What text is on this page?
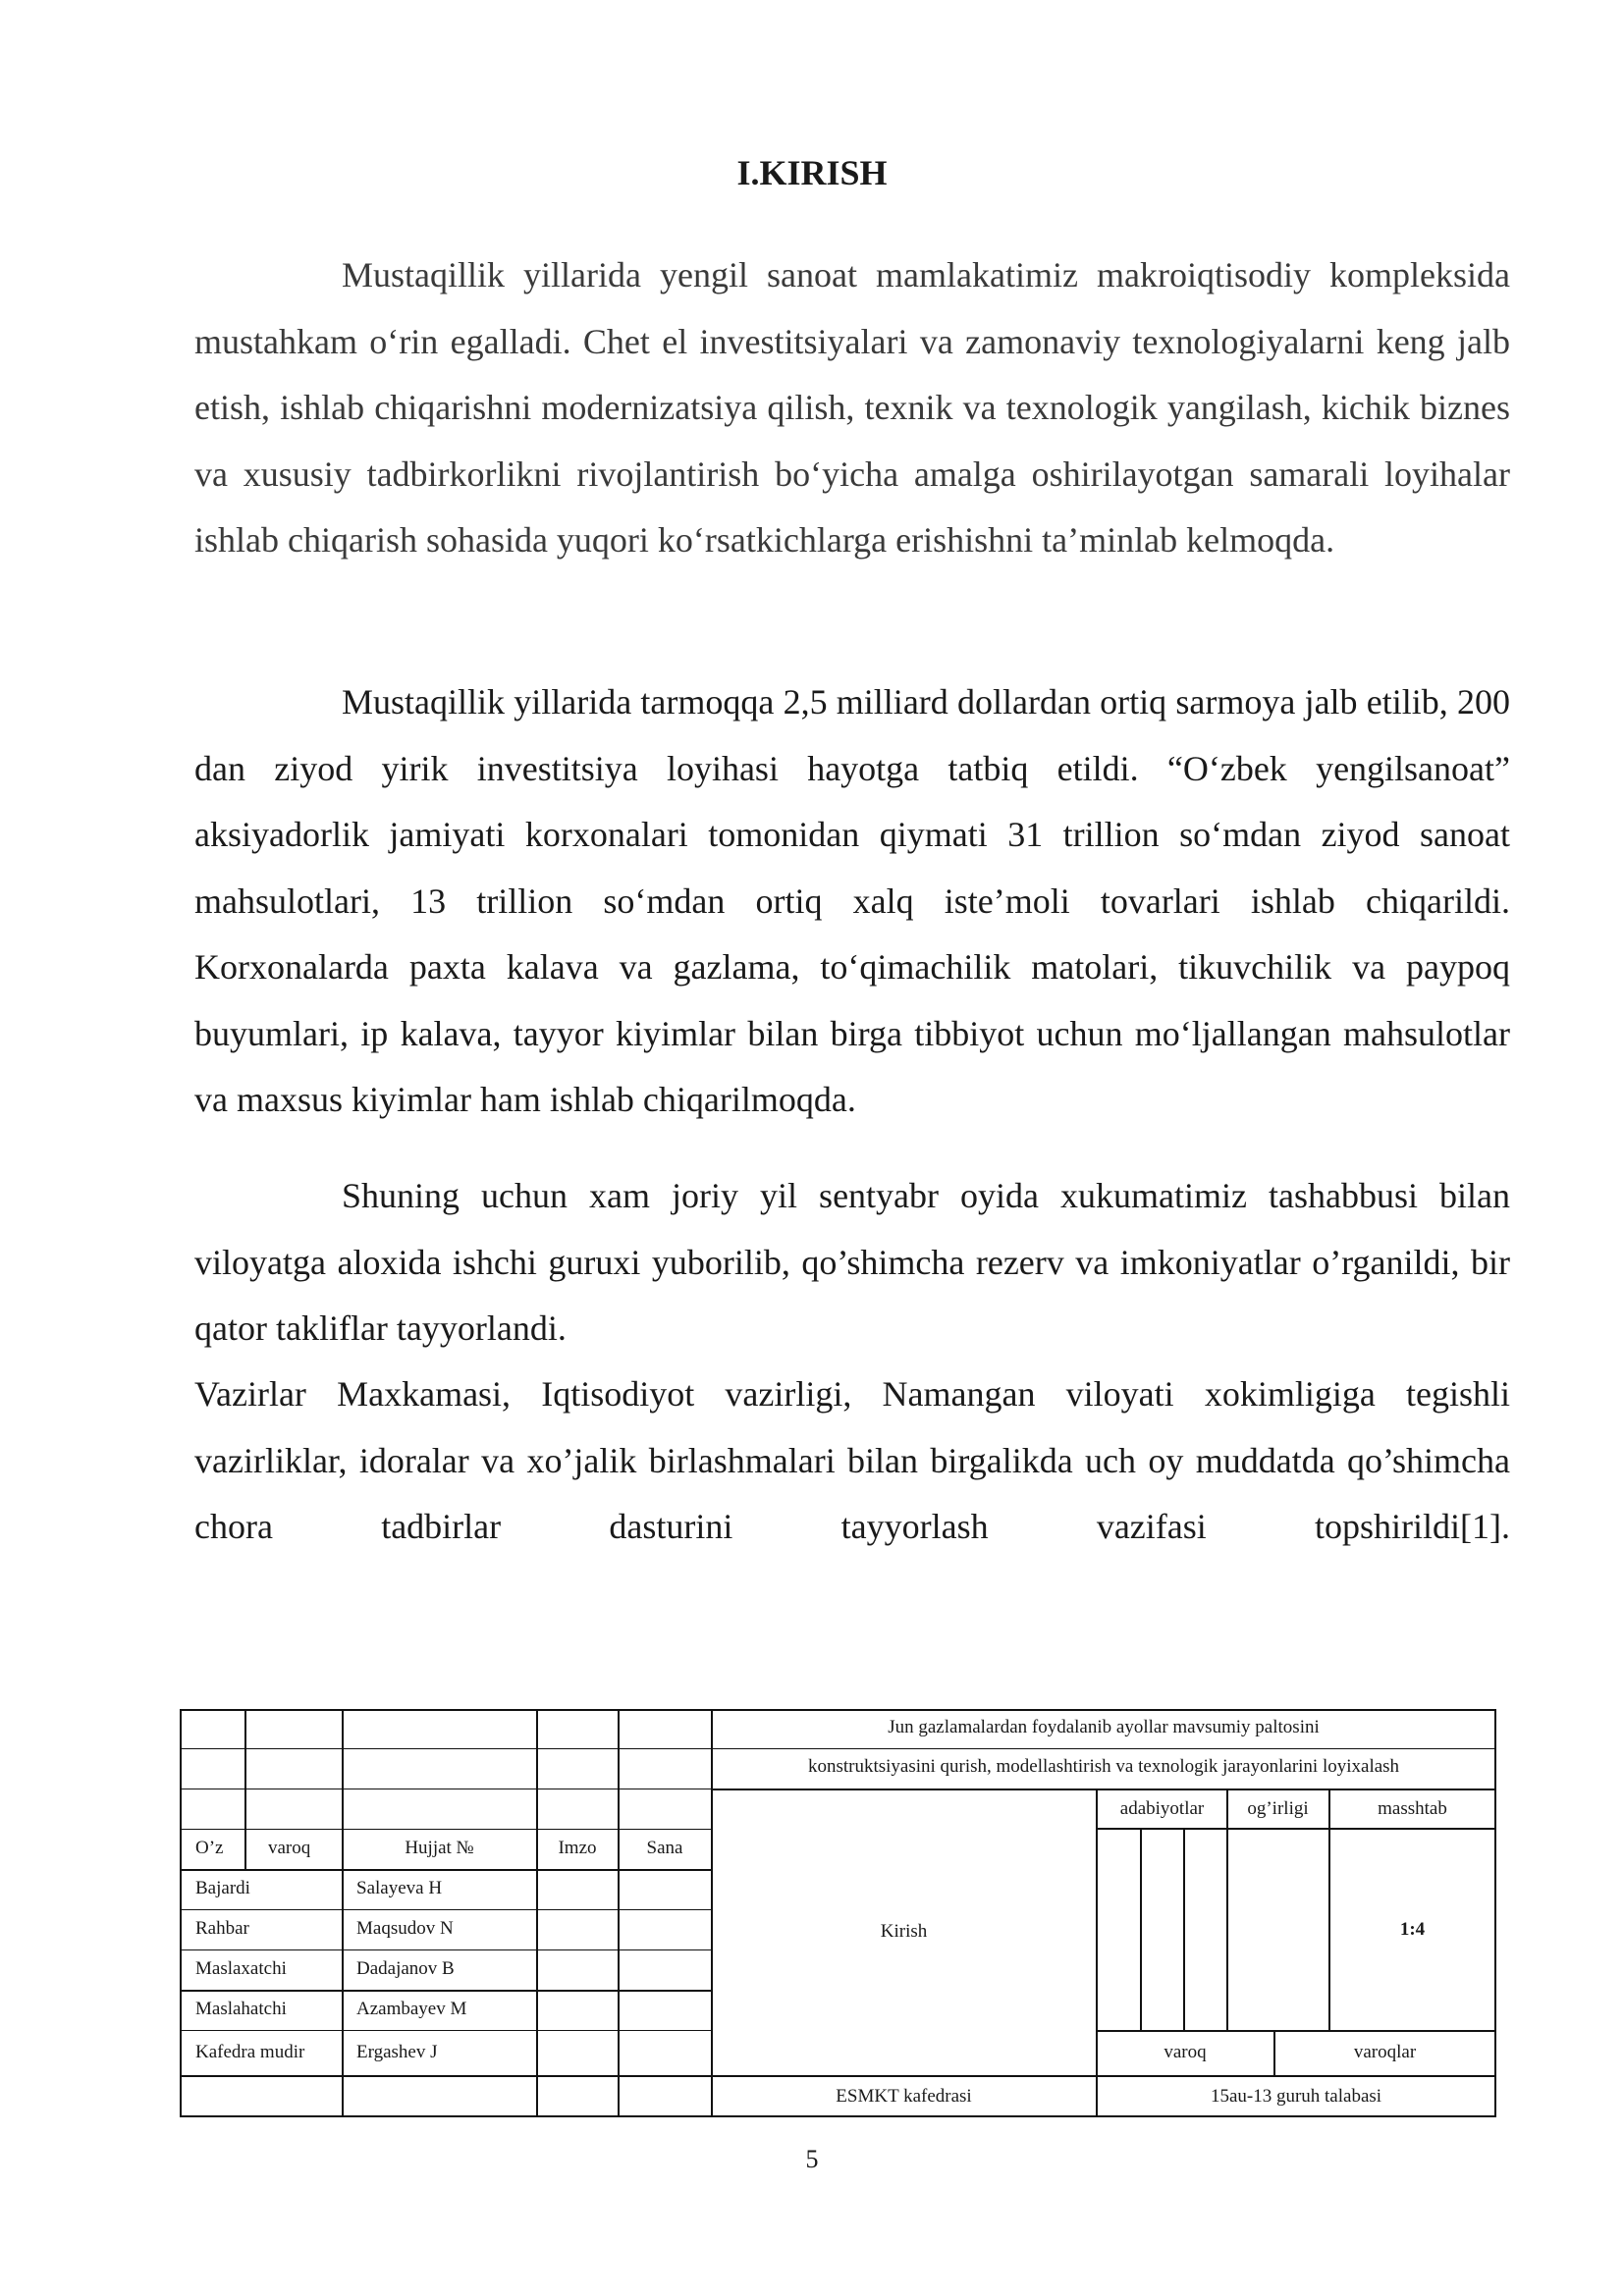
I.KIRISH

Mustaqillik yillarida yengil sanoat mamlakatimiz makroiqtisodiy kompleksida mustahkam o‘rin egalladi. Chet el investitsiyalari va zamonaviy texnologiyalarni keng jalb etish, ishlab chiqarishni modernizatsiya qilish, texnik va texnologik yangilash, kichik biznes va xususiy tadbirkorlikni rivojlantirish bo‘yicha amalga oshirilayotgan samarali loyihalar ishlab chiqarish sohasida yuqori ko‘rsatkichlarga erishishni ta’minlab kelmoqda.

Mustaqillik yillarida tarmoqqa 2,5 milliard dollardan ortiq sarmoya jalb etilib, 200 dan ziyod yirik investitsiya loyihasi hayotga tatbiq etildi. “O‘zbek yengilsanoat” aksiyadorlik jamiyati korxonalari tomonidan qiymati 31 trillion so‘mdan ziyod sanoat mahsulotlari, 13 trillion so‘mdan ortiq xalq iste’moli tovarlari ishlab chiqarildi. Korxonalarda paxta kalava va gazlama, to‘qimachilik matolari, tikuvchilik va paypoq buyumlari, ip kalava, tayyor kiyimlar bilan birga tibbiyot uchun mo‘ljallangan mahsulotlar va maxsus kiyimlar ham ishlab chiqarilmoqda.

Shuning uchun xam joriy yil sentyabr oyida xukumatimiz tashabbusi bilan viloyatga aloxida ishchi guruxi yuborilib, qo’shimcha rezerv va imkoniyatlar o’rganildi, bir qator takliflar tayyorlandi.

Vazirlar Maxkamasi, Iqtisodiyot vazirligi, Namangan viloyati xokimligiga tegishli vazirliklar, idoralar va xo’jalik birlashmalari bilan birgalikda uch oy muddatda qo’shimcha chora tadbirlar dasturini tayyorlash vazifasi topshirildi[1].

Jun gazlamalardan foydalanib ayollar mavsumiy paltosini
konstruktsiyasini qurish, modellashtirish va texnologik jarayonlarini loyixalash
O’z varoq	Hujjat №	Imzo	Sana
Bajardi	Salayeva H
Rahbar	Maqsudov N
Maslaxatchi	Dadajanov B
Maslahatchi	Azambayev M
Kafedra mudir	Ergashev J
Kirish
adabiyotlar	og’irligi	masshtab
1:4
varoq	varoqlar
ESMKT kafedrasi	15au-13 guruh talabasi

5
